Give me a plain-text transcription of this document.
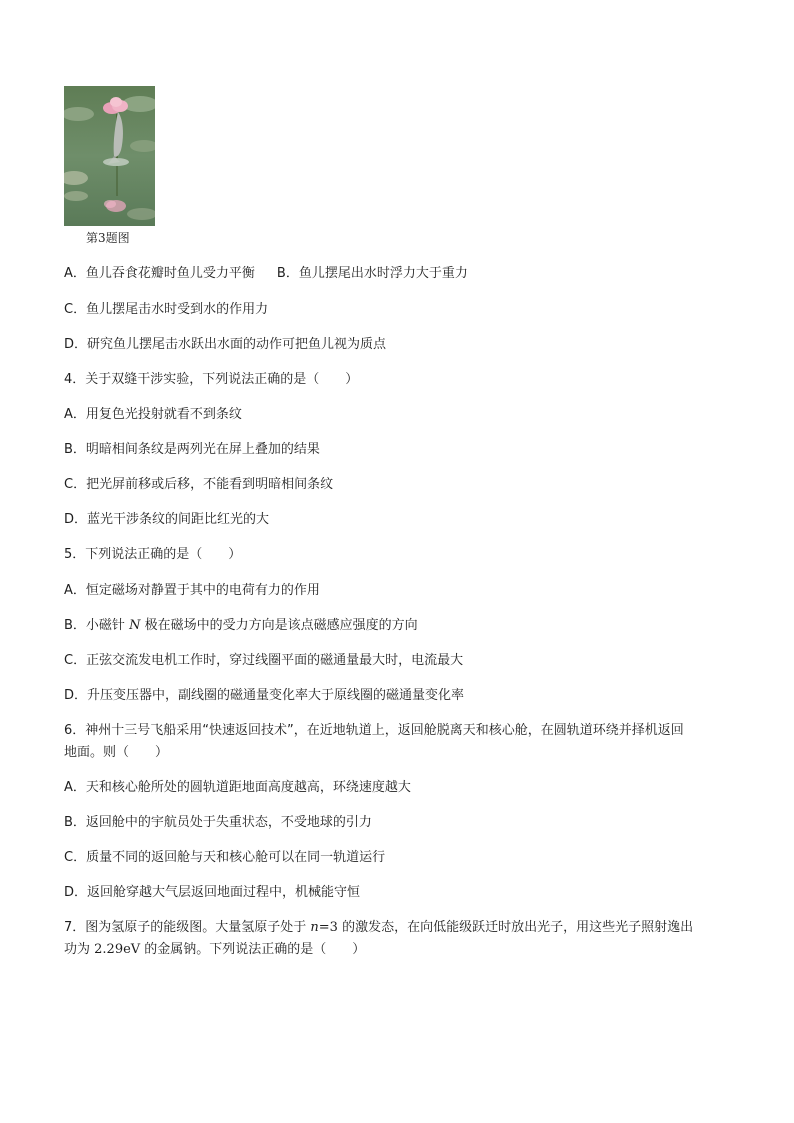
第3题图
A．鱼儿吞食花瓣时鱼儿受力平衡 B．鱼儿摆尾出水时浮力大于重力
C．鱼儿摆尾击水时受到水的作用力
D．研究鱼儿摆尾击水跃出水面的动作可把鱼儿视为质点
4．关于双缝干涉实验，下列说法正确的是（　　）
A．用复色光投射就看不到条纹
B．明暗相间条纹是两列光在屏上叠加的结果
C．把光屏前移或后移，不能看到明暗相间条纹
D．蓝光干涉条纹的间距比红光的大
5．下列说法正确的是（　　）
A．恒定磁场对静置于其中的电荷有力的作用
B．小磁针 N 极在磁场中的受力方向是该点磁感应强度的方向
C．正弦交流发电机工作时，穿过线圈平面的磁通量最大时，电流最大
D．升压变压器中，副线圈的磁通量变化率大于原线圈的磁通量变化率
6．神州十三号飞船采用“快速返回技术”，在近地轨道上，返回舱脱离天和核心舱，在圆轨道环绕并择机返回
地面。则（　　）
A．天和核心舱所处的圆轨道距地面高度越高，环绕速度越大
B．返回舱中的宇航员处于失重状态，不受地球的引力
C．质量不同的返回舱与天和核心舱可以在同一轨道运行
D．返回舱穿越大气层返回地面过程中，机械能守恒
7．图为氢原子的能级图。大量氢原子处于 n=3 的激发态，在向低能级跃迁时放出光子，用这些光子照射逸出
功为 2.29eV 的金属钠。下列说法正确的是（　　）
